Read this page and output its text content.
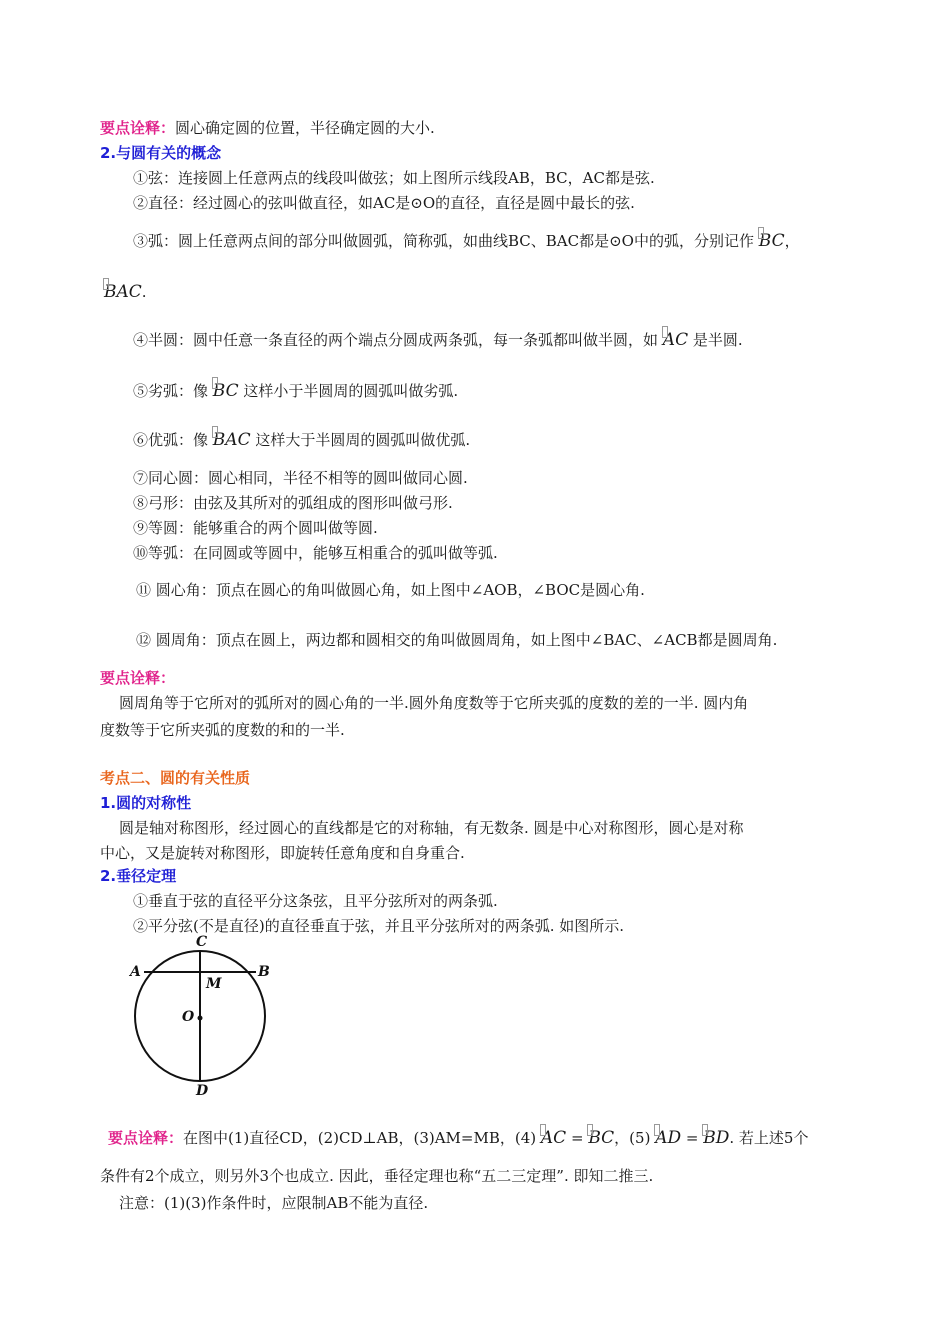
要点诠释：圆心确定圆的位置，半径确定圆的大小.
2.与圆有关的概念
①弦：连接圆上任意两点的线段叫做弦；如上图所示线段AB，BC，AC都是弦.
②直径：经过圆心的弦叫做直径，如AC是⊙O的直径，直径是圆中最长的弦.
③弧：圆上任意两点间的部分叫做圆弧，简称弧，如曲线BC、BAC都是⊙O中的弧，分别记作 BC，
BAC.
④半圆：圆中任意一条直径的两个端点分圆成两条弧，每一条弧都叫做半圆，如 AC 是半圆.
⑤劣弧：像 BC 这样小于半圆周的圆弧叫做劣弧.
⑥优弧：像 BAC 这样大于半圆周的圆弧叫做优弧.
⑦同心圆：圆心相同，半径不相等的圆叫做同心圆.
⑧弓形：由弦及其所对的弧组成的图形叫做弓形.
⑨等圆：能够重合的两个圆叫做等圆.
⑩等弧：在同圆或等圆中，能够互相重合的弧叫做等弧.
⑪ 圆心角：顶点在圆心的角叫做圆心角，如上图中∠AOB，∠BOC是圆心角.
⑫ 圆周角：顶点在圆上，两边都和圆相交的角叫做圆周角，如上图中∠BAC、∠ACB都是圆周角.
要点诠释：
圆周角等于它所对的弧所对的圆心角的一半.圆外角度数等于它所夹弧的度数的差的一半. 圆内角
度数等于它所夹弧的度数的和的一半.
考点二、圆的有关性质
1.圆的对称性
圆是轴对称图形，经过圆心的直线都是它的对称轴，有无数条. 圆是中心对称图形，圆心是对称
中心，又是旋转对称图形，即旋转任意角度和自身重合.
2.垂径定理
①垂直于弦的直径平分这条弦，且平分弦所对的两条弧.
②平分弦(不是直径)的直径垂直于弦，并且平分弦所对的两条弧. 如图所示.
C
A	B
M
O
D
要点诠释：在图中(1)直径CD，(2)CD⊥AB，(3)AM=MB，(4) AC = BC，(5) AD = BD. 若上述5个
条件有2个成立，则另外3个也成立. 因此，垂径定理也称“五二三定理”. 即知二推三.
注意：(1)(3)作条件时，应限制AB不能为直径.
